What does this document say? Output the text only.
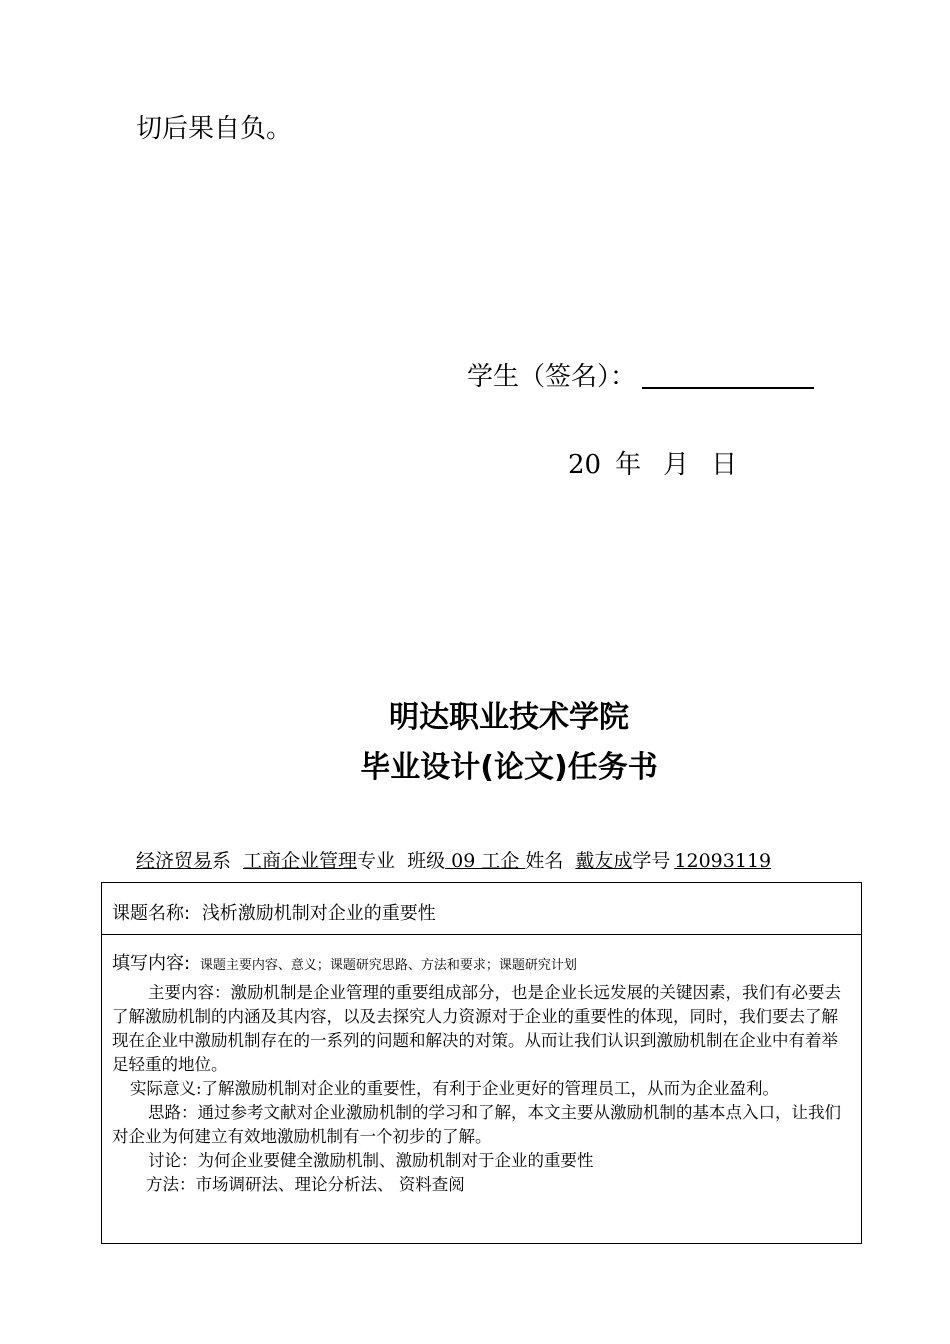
切后果自负。
学生（签名）：
20 年 月 日
明达职业技术学院
毕业设计(论文)任务书
经济贸易系 工商企业管理专业 班级 09 工企 姓名 戴友成学号 12093119
课题名称: 浅析激励机制对企业的重要性
填写内容: 课题主要内容、意义；课题研究思路、方法和要求；课题研究计划

主要内容：激励机制是企业管理的重要组成部分，也是企业长远发展的关键因素，我们有必要去了解激励机制的内涵及其内容，以及去探究人力资源对于企业的重要性的体现，同时，我们要去了解现在企业中激励机制存在的一系列的问题和解决的对策。从而让我们认识到激励机制在企业中有着举足轻重的地位。

实际意义:了解激励机制对企业的重要性，有利于企业更好的管理员工，从而为企业盈利。

思路：通过参考文献对企业激励机制的学习和了解，本文主要从激励机制的基本点入口，让我们对企业为何建立有效地激励机制有一个初步的了解。

讨论：为何企业要健全激励机制、激励机制对于企业的重要性

方法：市场调研法、理论分析法、 资料查阅
